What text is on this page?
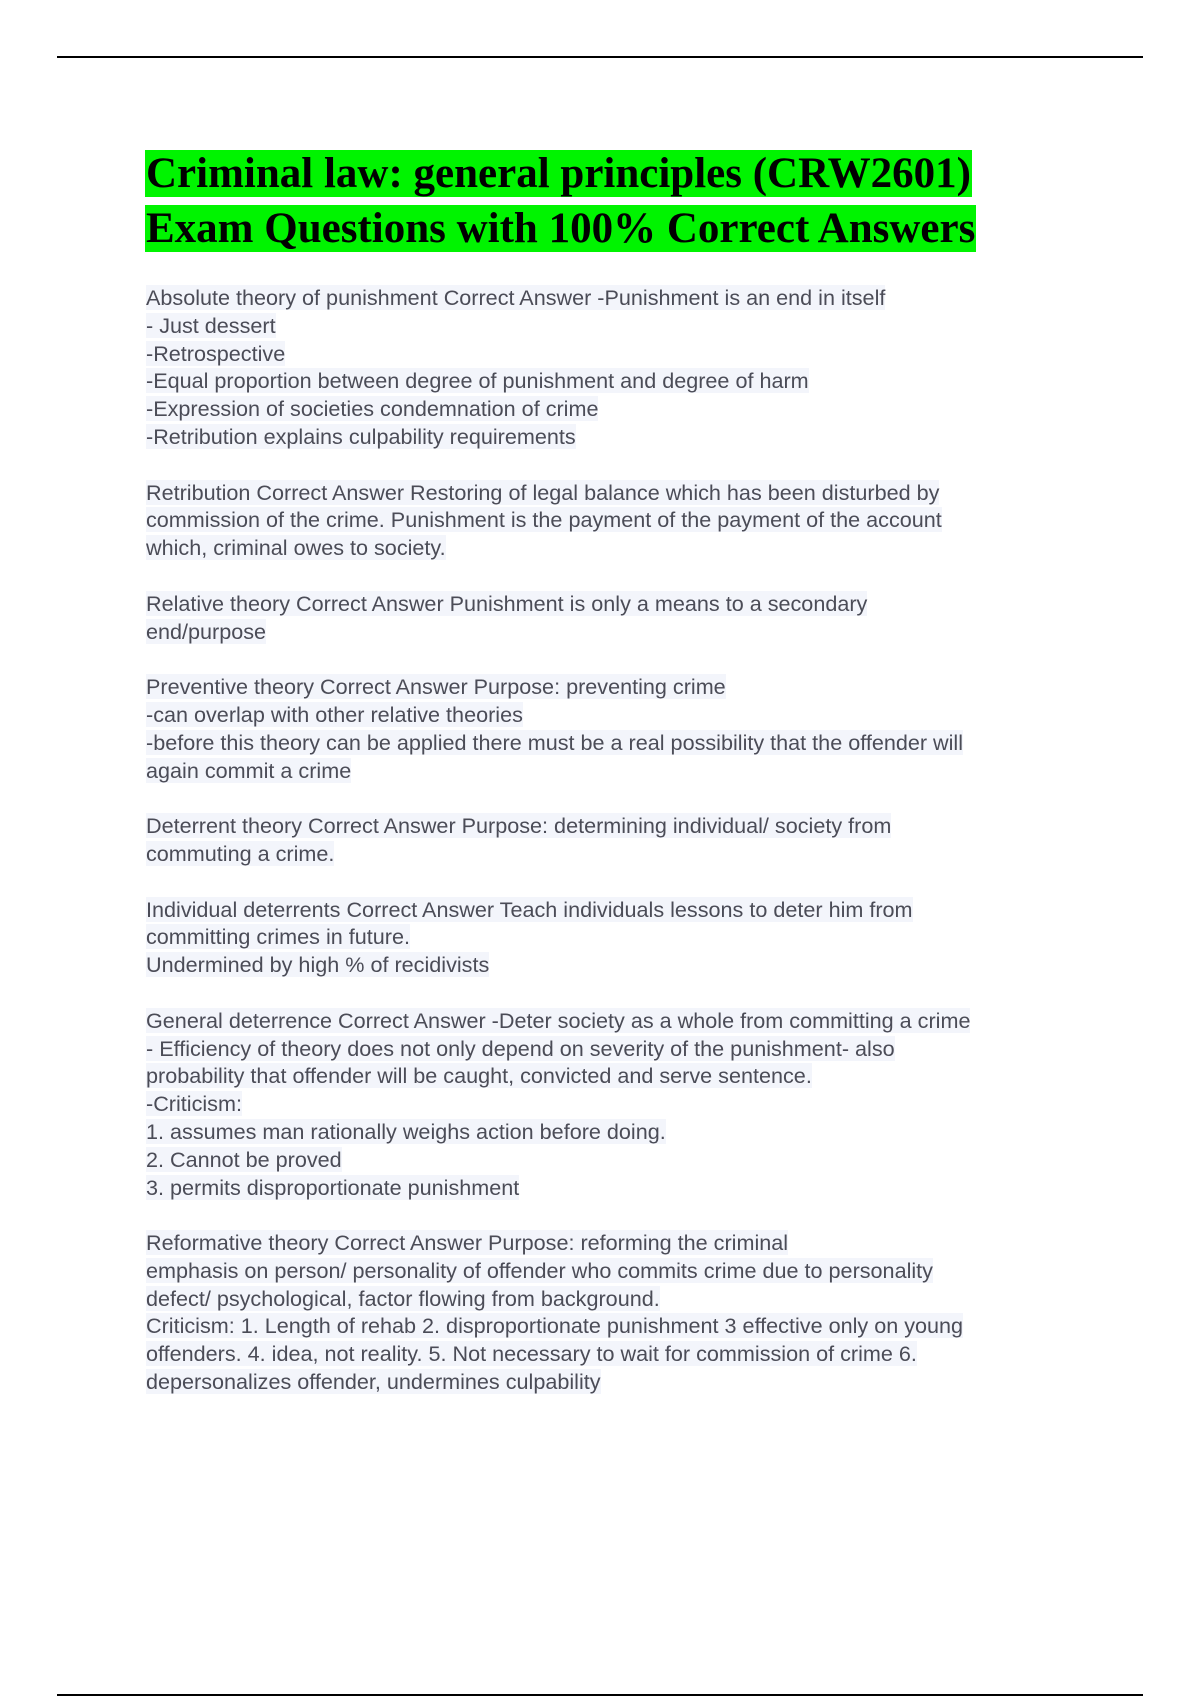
Criminal law: general principles (CRW2601)
Exam Questions with 100% Correct Answers
Absolute theory of punishment Correct Answer -Punishment is an end in itself
- Just dessert
-Retrospective
-Equal proportion between degree of punishment and degree of harm
-Expression of societies condemnation of crime
-Retribution explains culpability requirements
Retribution Correct Answer Restoring of legal balance which has been disturbed by
commission of the crime. Punishment is the payment of the payment of the account
which, criminal owes to society.
Relative theory Correct Answer Punishment is only a means to a secondary
end/purpose
Preventive theory Correct Answer Purpose: preventing crime
-can overlap with other relative theories
-before this theory can be applied there must be a real possibility that the offender will
again commit a crime
Deterrent theory Correct Answer Purpose: determining individual/ society from
commuting a crime.
Individual deterrents Correct Answer Teach individuals lessons to deter him from
committing crimes in future.
Undermined by high % of recidivists
General deterrence Correct Answer -Deter society as a whole from committing a crime
- Efficiency of theory does not only depend on severity of the punishment- also
probability that offender will be caught, convicted and serve sentence.
-Criticism:
1. assumes man rationally weighs action before doing.
2. Cannot be proved
3. permits disproportionate punishment
Reformative theory Correct Answer Purpose: reforming the criminal
emphasis on person/ personality of offender who commits crime due to personality
defect/ psychological, factor flowing from background.
Criticism: 1. Length of rehab 2. disproportionate punishment 3 effective only on young
offenders. 4. idea, not reality. 5. Not necessary to wait for commission of crime 6.
depersonalizes offender, undermines culpability
